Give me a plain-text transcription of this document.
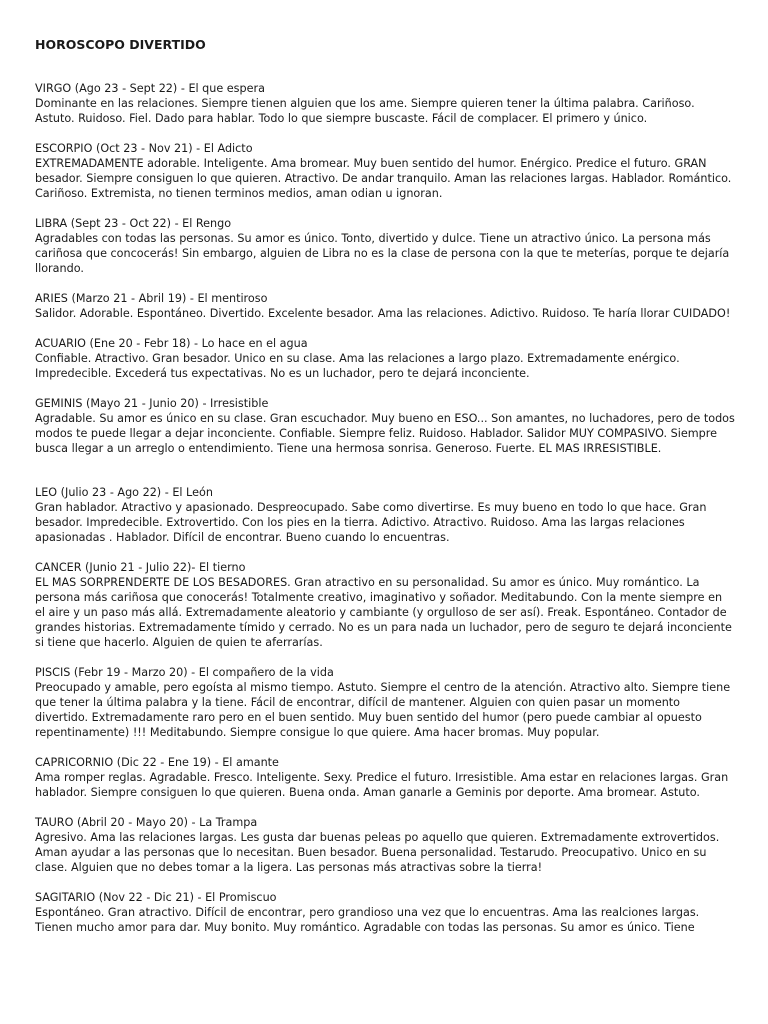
HOROSCOPO DIVERTIDO
VIRGO (Ago 23 - Sept 22) - El que espera
Dominante en las relaciones. Siempre tienen alguien que los ame. Siempre quieren tener la última palabra. Cariñoso. Astuto. Ruidoso. Fiel. Dado para hablar. Todo lo que siempre buscaste. Fácil de complacer. El primero y único.
ESCORPIO (Oct 23 - Nov 21) - El Adicto
EXTREMADAMENTE adorable. Inteligente. Ama bromear. Muy buen sentido del humor. Enérgico. Predice el futuro. GRAN besador. Siempre consiguen lo que quieren. Atractivo. De andar tranquilo. Aman las relaciones largas. Hablador. Romántico. Cariñoso. Extremista, no tienen terminos medios, aman odian u ignoran.
LIBRA (Sept 23 - Oct 22) - El Rengo
Agradables con todas las personas. Su amor es único. Tonto, divertido y dulce. Tiene un atractivo único. La persona más cariñosa que concocerás! Sin embargo, alguien de Libra no es la clase de persona con la que te meterías, porque te dejaría llorando.
ARIES (Marzo 21 - Abril 19) - El mentiroso
Salidor. Adorable. Espontáneo. Divertido. Excelente besador. Ama las relaciones. Adictivo. Ruidoso. Te haría llorar CUIDADO!
ACUARIO (Ene 20 - Febr 18) - Lo hace en el agua
Confiable. Atractivo. Gran besador. Unico en su clase. Ama las relaciones a largo plazo. Extremadamente enérgico. Impredecible. Excederá tus expectativas. No es un luchador, pero te dejará inconciente.
GEMINIS (Mayo 21 - Junio 20) - Irresistible
Agradable. Su amor es único en su clase. Gran escuchador. Muy bueno en ESO... Son amantes, no luchadores, pero de todos modos te puede llegar a dejar inconciente. Confiable. Siempre feliz. Ruidoso. Hablador. Salidor MUY COMPASIVO. Siempre busca llegar a un arreglo o entendimiento. Tiene una hermosa sonrisa. Generoso. Fuerte. EL MAS IRRESISTIBLE.
LEO (Julio 23 - Ago 22) - El León
Gran hablador. Atractivo y apasionado. Despreocupado. Sabe como divertirse. Es muy bueno en todo lo que hace. Gran besador. Impredecible. Extrovertido. Con los pies en la tierra. Adictivo. Atractivo. Ruidoso. Ama las largas relaciones apasionadas . Hablador. Difícil de encontrar. Bueno cuando lo encuentras.
CANCER (Junio 21 - Julio 22)- El tierno
EL MAS SORPRENDERTE DE LOS BESADORES. Gran atractivo en su personalidad. Su amor es único. Muy romántico. La persona más cariñosa que conocerás! Totalmente creativo, imaginativo y soñador. Meditabundo. Con la mente siempre en el aire y un paso más allá. Extremadamente aleatorio y cambiante (y orgulloso de ser así). Freak. Espontáneo. Contador de grandes historias. Extremadamente tímido y cerrado. No es un para nada un luchador, pero de seguro te dejará inconciente si tiene que hacerlo. Alguien de quien te aferrarías.
PISCIS (Febr 19 - Marzo 20) - El compañero de la vida
Preocupado y amable, pero egoísta al mismo tiempo. Astuto. Siempre el centro de la atención. Atractivo alto. Siempre tiene que tener la última palabra y la tiene. Fácil de encontrar, difícil de mantener. Alguien con quien pasar un momento divertido. Extremadamente raro pero en el buen sentido. Muy buen sentido del humor (pero puede cambiar al opuesto repentinamente) !!! Meditabundo. Siempre consigue lo que quiere. Ama hacer bromas. Muy popular.
CAPRICORNIO (Dic 22 - Ene 19) - El amante
Ama romper reglas. Agradable. Fresco. Inteligente. Sexy. Predice el futuro. Irresistible. Ama estar en relaciones largas. Gran hablador. Siempre consiguen lo que quieren. Buena onda. Aman ganarle a Geminis por deporte. Ama bromear. Astuto.
TAURO (Abril 20 - Mayo 20) - La Trampa
Agresivo. Ama las relaciones largas. Les gusta dar buenas peleas po aquello que quieren. Extremadamente extrovertidos. Aman ayudar a las personas que lo necesitan. Buen besador. Buena personalidad. Testarudo. Preocupativo. Unico en su clase. Alguien que no debes tomar a la ligera. Las personas más atractivas sobre la tierra!
SAGITARIO (Nov 22 - Dic 21) - El Promiscuo
Espontáneo. Gran atractivo. Difícil de encontrar, pero grandioso una vez que lo encuentras. Ama las realciones largas. Tienen mucho amor para dar. Muy bonito. Muy romántico. Agradable con todas las personas. Su amor es único. Tiene
